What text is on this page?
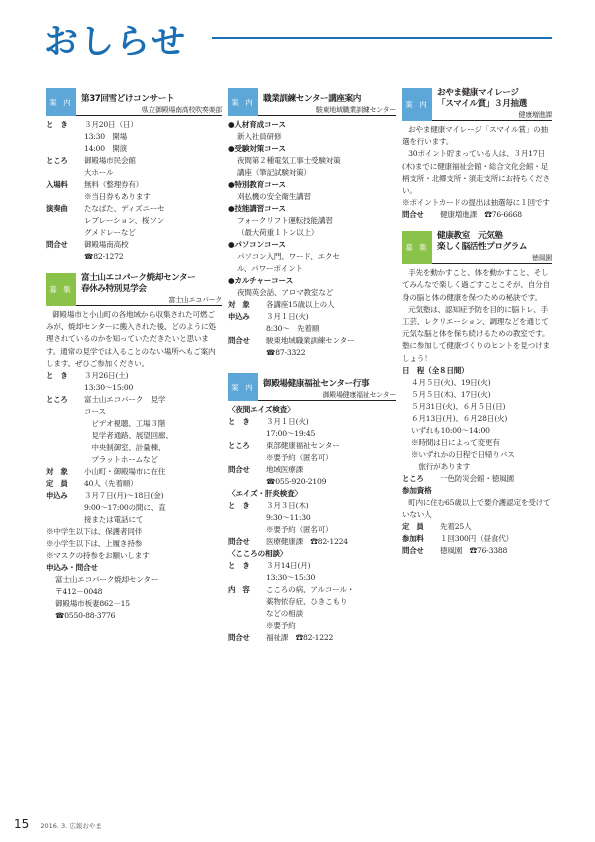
おしらせ
案 内 第37回雪どけコンサート
県立御殿場南高校吹奏楽部
と　き	３月20日（日）
13:30　開場
14:00　開演
ところ	御殿場市民会館
大ホール
入場料	無料（整理券有）
※当日券もあります
演奏曲	たなばた、ディズニーセ
レブレーション、桜ソン
グメドレーなど
問合せ	御殿場南高校
☎82-1272
募 集
富士山エコパーク焼却センター
春休み特別見学会
富士山エコパーク
御殿場市と小山町の各地域から収集された可燃ごみが、焼却センターに搬入された後、どのように処理されているのかを知っていただきたいと思います。通常の見学では入ることのない場所へもご案内します。ぜひご参加ください。
と　き	３月26日(土)
13:30～15:00
ところ	富士山エコパーク　見学
コース
　ビデオ視聴、工場３階
　見学者通路、展望回廊、
　中央制御室、計量棟、
　プラットホームなど
対　象	小山町・御殿場市に在住
定　員	40人（先着順）
申込み	３月７日(月)～18日(金)
9:00～17:00の間に、直
接または電話にて
※中学生以下は、保護者同伴
※小学生以下は、上履き持参
※マスクの持参をお願いします
申込み・問合せ
富士山エコパーク焼却センター
〒412－0048
御殿場市板妻862－15
☎0550-88-3776
案 内 職業訓練センター講座案内
駿東地域職業訓練センター
●人材育成コース
新入社員研修
●受験対策コース
夜間第２種電気工事士受験対策
講座（筆記試験対策）
●特別教育コース
刈払機の安全衛生講習
●技能講習コース
フォークリフト運転技能講習
（最大荷重１トン以上）
●パソコンコース
パソコン入門、ワード、エクセ
ル、パワーポイント
●カルチャーコース
夜間英会話、アロマ教室など
対　象	各講座15歳以上の人
申込み	３月１日(火)
8:30～　先着順
問合せ	駿東地域職業訓練センター
☎87-3322
案 内 御殿場健康福祉センター行事
御殿場健康福祉センター
〈夜間エイズ検査〉
と　き	３月１日(火)
17:00～19:45
ところ	東部健康福祉センター
※要予約（匿名可）
問合せ	地域医療課
☎055-920-2109
〈エイズ・肝炎検査〉
と　き	３月３日(木)
9:30～11:30
※要予約（匿名可）
問合せ	医療健康課　☎82-1224
〈こころの相談〉
と　き	３月14日(月)
13:30～15:30
内　容	こころの病、アルコール・
薬物依存症、ひきこもり
などの相談
※要予約
問合せ	福祉課　☎82-1222
案 内
おやま健康マイレージ
「スマイル賞」３月抽選
健康増進課
おやま健康マイレージ「スマイル賞」の抽選を行います。
30ポイント貯まっている人は、３月17日(木)までに健康福祉会館・総合文化会館・足柄支所・北郷支所・須走支所にお持ちください。
※ポイントカードの提出は抽選毎に１回です
問合せ	健康増進課　☎76-6668
募 集
健康教室　元気塾
楽しく脳活性プログラム
徳風園
手先を動かすこと、体を動かすこと、そしてみんなで楽しく過ごすことこそが、自分自身の脳と体の健康を保つための秘訣です。
元気塾は、認知症予防を目的に脳トレ、手工芸、レクリエーション、調理などを通じて元気な脳と体を保ち続けるための教室です。塾に参加して健康づくりのヒントを見つけましょう！
日　程（全８日間）
４月５日(火)、19日(火)
５月５日(木)、17日(火)
５月31日(火)、６月５日(日)
６月13日(月)、６月28日(火)
いずれも10:00～14:00
※時間は日によって変更有
※いずれかの日程で日帰りバス
　旅行があります
ところ	一色防災会館・徳風園
参加資格
町内に住む65歳以上で要介護認定を受けていない人
定　員	先着25人
参加料	１回300円（昼食代）
問合せ	徳風園　☎76-3388
15 2016. 3. 広報おやま
